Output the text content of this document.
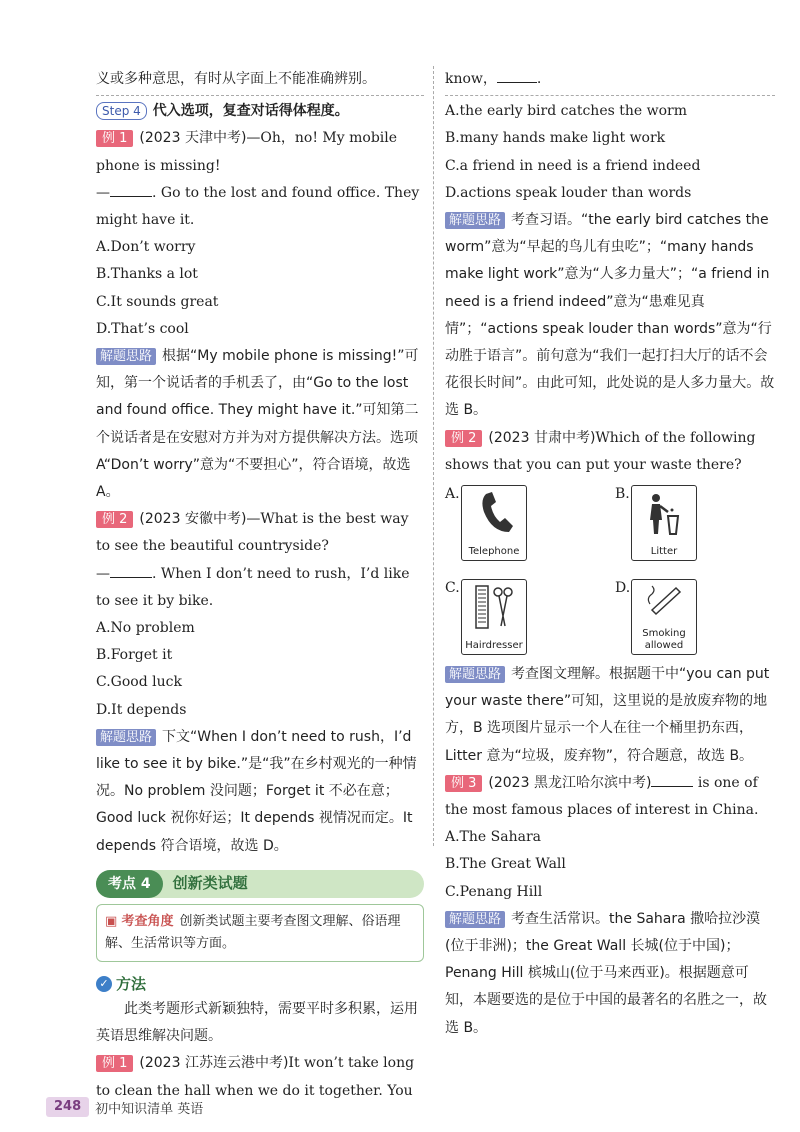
义或多种意思，有时从字面上不能准确辨别。

Step 4 代入选项，复查对话得体程度。

例 1 (2023 天津中考)—Oh，no! My mobile phone is missing!

—	. Go to the lost and found office. They might have it.

A.Don’t worry

B.Thanks a lot

C.It sounds great

D.That’s cool

解题思路 根据“My mobile phone is missing!”可知，第一个说话者的手机丢了，由“Go to the lost and found office. They might have it.”可知第二个说话者是在安慰对方并为对方提供解决方法。选项 A“Don’t worry”意为“不要担心”，符合语境，故选 A。

例 2 (2023 安徽中考)—What is the best way to see the beautiful countryside?

—	. When I don’t need to rush，I’d like to see it by bike.

A.No problem

B.Forget it

C.Good luck

D.It depends

解题思路 下文“When I don’t need to rush，I’d like to see it by bike.”是“我”在乡村观光的一种情况。No problem 没问题；Forget it 不必在意；Good luck 祝你好运；It depends 视情况而定。It depends 符合语境，故选 D。

考点 4	创新类试题
▣ 考查角度 创新类试题主要考查图文理解、俗语理解、生活常识等方面。
✓ 方法

此类考题形式新颖独特，需要平时多积累，运用英语思维解决问题。

例 1 (2023 江苏连云港中考)It won’t take long to clean the hall when we do it together. You

know，	.

A.the early bird catches the worm

B.many hands make light work

C.a friend in need is a friend indeed

D.actions speak louder than words

解题思路 考查习语。“the early bird catches the worm”意为“早起的鸟儿有虫吃”；“many hands make light work”意为“人多力量大”；“a friend in need is a friend indeed”意为“患难见真情”；“actions speak louder than words”意为“行动胜于语言”。前句意为“我们一起打扫大厅的话不会花很长时间”。由此可知，此处说的是人多力量大。故选 B。

例 2 (2023 甘肃中考)Which of the following shows that you can put your waste there?

A.
Telephone
B.
Litter
C.
Hairdresser
D.
Smoking allowed

解题思路 考查图文理解。根据题干中“you can put your waste there”可知，这里说的是放废弃物的地方，B 选项图片显示一个人在往一个桶里扔东西，Litter 意为“垃圾，废弃物”，符合题意，故选 B。

例 3 (2023 黑龙江哈尔滨中考)	is one of the most famous places of interest in China.

A.The Sahara

B.The Great Wall

C.Penang Hill

解题思路 考查生活常识。the Sahara 撒哈拉沙漠(位于非洲)；the Great Wall 长城(位于中国)；Penang Hill 槟城山(位于马来西亚)。根据题意可知，本题要选的是位于中国的最著名的名胜之一，故选 B。

248	初中知识清单 英语
